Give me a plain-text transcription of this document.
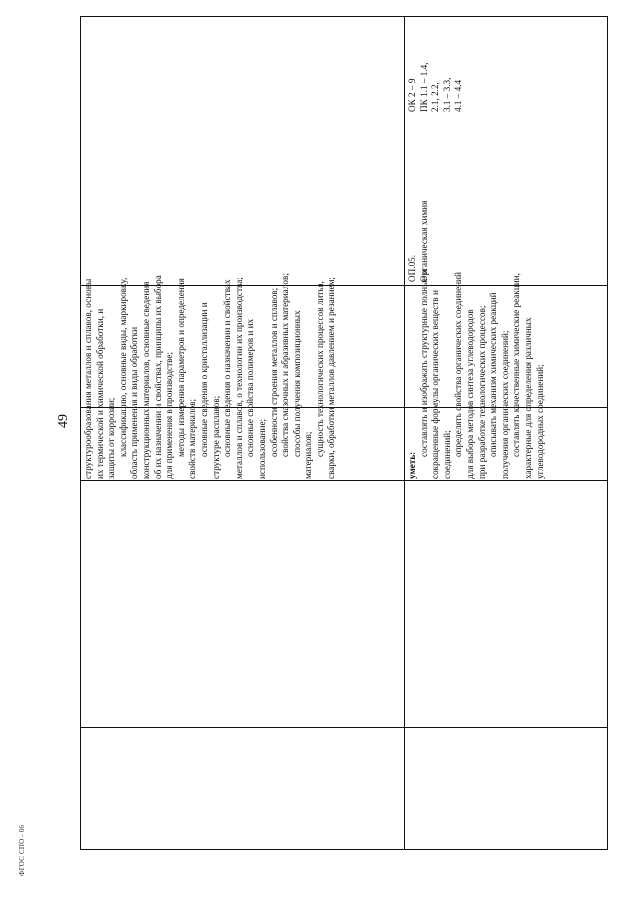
49
ФГОС СПО - 06

структурообразования металлов и сплавов, основы их термической и химической обработки, и защиты от коррозии; классификацию, основные виды, маркировку, область применения и виды обработки конструкционных материалов, основные сведения об их назначении и свойствах, принципы их выбора для применения в производстве; методы измерения параметров и определения свойств материалов; основные сведения о кристаллизации и структуре расплавов; основные сведения о назначении и свойствах металлов и сплавов, о технологии их производства; основные свойства полимеров и их использование; особенности строения металлов и сплавов; свойства смазочных и абразивных материалов; способы получения композиционных материалов; сущность технологических процессов литья, сварки, обработки металлов давлением и резанием;	уметь:

составлять и изображать структурные полные и сокращенные формулы органических веществ и соединений; определять свойства органических соединений для выбора методов синтеза углеводородов при разработке технологических процессов; описывать механизм химических реакций получения органических соединений; составлять качественные химические реакции, характерные для определения различных углеводородных соединений;

ОП.05. Органическая химия

ОК 2 – 9 ПК 1.1 – 1.4, 2.1, 2.2, 3.1 – 3.3, 4.1 – 4.4
